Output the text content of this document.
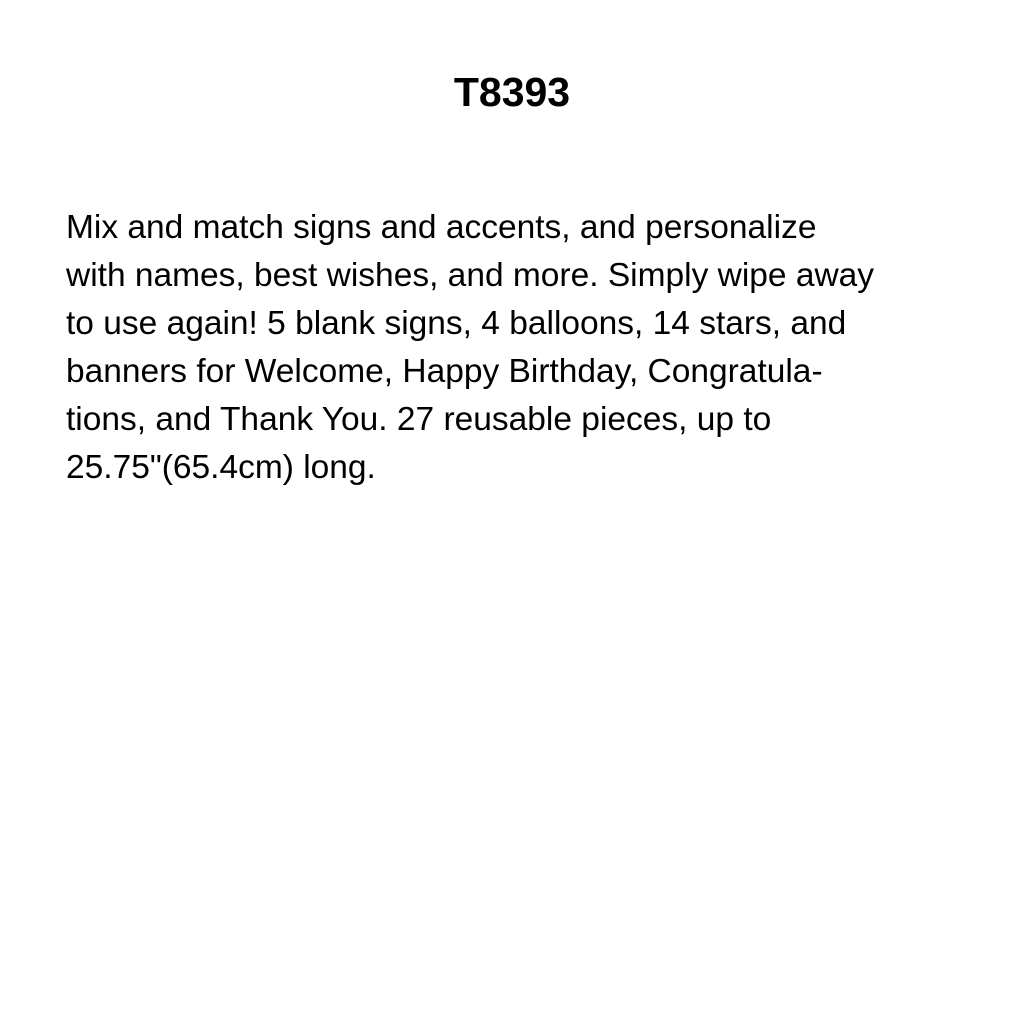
T8393

Mix and match signs and accents, and personalize
with names, best wishes, and more. Simply wipe away
to use again! 5 blank signs, 4 balloons, 14 stars, and
banners for Welcome, Happy Birthday, Congratula-
tions, and Thank You. 27 reusable pieces, up to
25.75"(65.4cm) long.
